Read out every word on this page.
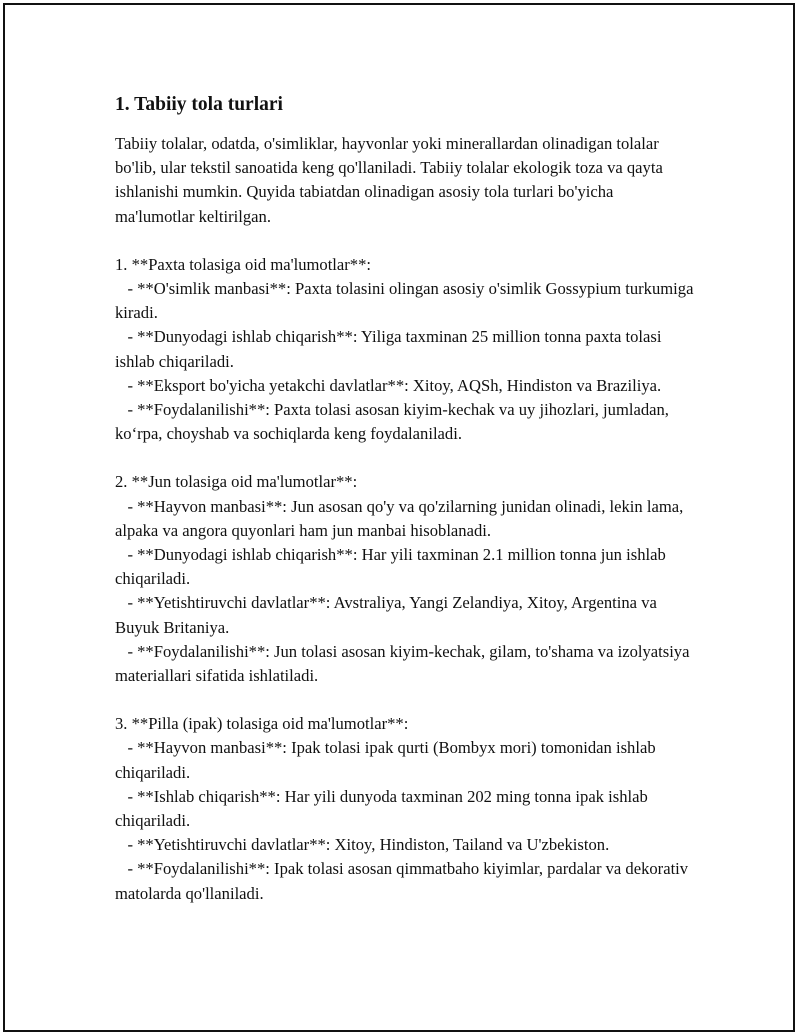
1. Tabiiy tola turlari
Tabiiy tolalar, odatda, o'simliklar, hayvonlar yoki minerallardan olinadigan tolalar bo'lib, ular tekstil sanoatida keng qo'llaniladi. Tabiiy tolalar ekologik toza va qayta ishlanishi mumkin. Quyida tabiatdan olinadigan asosiy tola turlari bo'yicha ma'lumotlar keltirilgan.
1. **Paxta tolasiga oid ma'lumotlar**:
- **O'simlik manbasi**: Paxta tolasini olingan asosiy o'simlik Gossypium turkumiga kiradi.
- **Dunyodagi ishlab chiqarish**: Yiliga taxminan 25 million tonna paxta tolasi ishlab chiqariladi.
- **Eksport bo'yicha yetakchi davlatlar**: Xitoy, AQSh, Hindiston va Braziliya.
- **Foydalanilishi**: Paxta tolasi asosan kiyim-kechak va uy jihozlari, jumladan, ko‘rpa, choyshab va sochiqlarda keng foydalaniladi.
2. **Jun tolasiga oid ma'lumotlar**:
- **Hayvon manbasi**: Jun asosan qo'y va qo'zilarning junidan olinadi, lekin lama, alpaka va angora quyonlari ham jun manbai hisoblanadi.
- **Dunyodagi ishlab chiqarish**: Har yili taxminan 2.1 million tonna jun ishlab chiqariladi.
- **Yetishtiruvchi davlatlar**: Avstraliya, Yangi Zelandiya, Xitoy, Argentina va Buyuk Britaniya.
- **Foydalanilishi**: Jun tolasi asosan kiyim-kechak, gilam, to'shama va izolyatsiya materiallari sifatida ishlatiladi.
3. **Pilla (ipak) tolasiga oid ma'lumotlar**:
- **Hayvon manbasi**: Ipak tolasi ipak qurti (Bombyx mori) tomonidan ishlab chiqariladi.
- **Ishlab chiqarish**: Har yili dunyoda taxminan 202 ming tonna ipak ishlab chiqariladi.
- **Yetishtiruvchi davlatlar**: Xitoy, Hindiston, Tailand va U'zbekiston.
- **Foydalanilishi**: Ipak tolasi asosan qimmatbaho kiyimlar, pardalar va dekorativ matolarda qo'llaniladi.
